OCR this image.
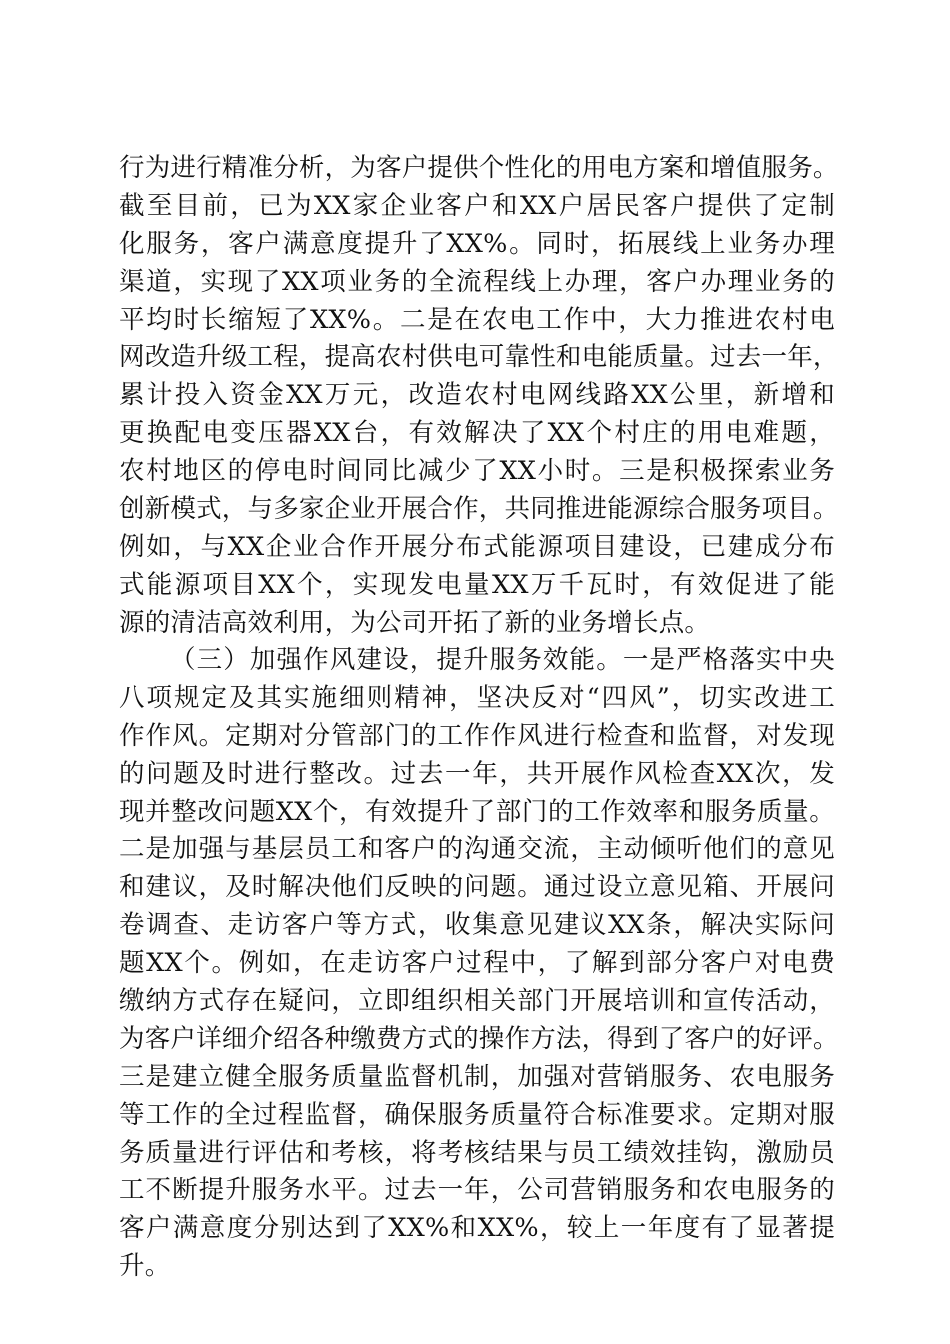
行为进行精准分析，为客户提供个性化的用电方案和增值服务。
截至目前，已为XX家企业客户和XX户居民客户提供了定制
化服务，客户满意度提升了XX%。同时，拓展线上业务办理
渠道，实现了XX项业务的全流程线上办理，客户办理业务的
平均时长缩短了XX%。二是在农电工作中，大力推进农村电
网改造升级工程，提高农村供电可靠性和电能质量。过去一年，
累计投入资金XX万元，改造农村电网线路XX公里，新增和
更换配电变压器XX台，有效解决了XX个村庄的用电难题，
农村地区的停电时间同比减少了XX小时。三是积极探索业务
创新模式，与多家企业开展合作，共同推进能源综合服务项目。
例如，与XX企业合作开展分布式能源项目建设，已建成分布
式能源项目XX个，实现发电量XX万千瓦时，有效促进了能
源的清洁高效利用，为公司开拓了新的业务增长点。
（三）加强作风建设，提升服务效能。一是严格落实中央
八项规定及其实施细则精神，坚决反对“四风”，切实改进工
作作风。定期对分管部门的工作作风进行检查和监督，对发现
的问题及时进行整改。过去一年，共开展作风检查XX次，发
现并整改问题XX个，有效提升了部门的工作效率和服务质量。
二是加强与基层员工和客户的沟通交流，主动倾听他们的意见
和建议，及时解决他们反映的问题。通过设立意见箱、开展问
卷调查、走访客户等方式，收集意见建议XX条，解决实际问
题XX个。例如，在走访客户过程中，了解到部分客户对电费
缴纳方式存在疑问，立即组织相关部门开展培训和宣传活动，
为客户详细介绍各种缴费方式的操作方法，得到了客户的好评。
三是建立健全服务质量监督机制，加强对营销服务、农电服务
等工作的全过程监督，确保服务质量符合标准要求。定期对服
务质量进行评估和考核，将考核结果与员工绩效挂钩，激励员
工不断提升服务水平。过去一年，公司营销服务和农电服务的
客户满意度分别达到了XX%和XX%，较上一年度有了显著提
升。
